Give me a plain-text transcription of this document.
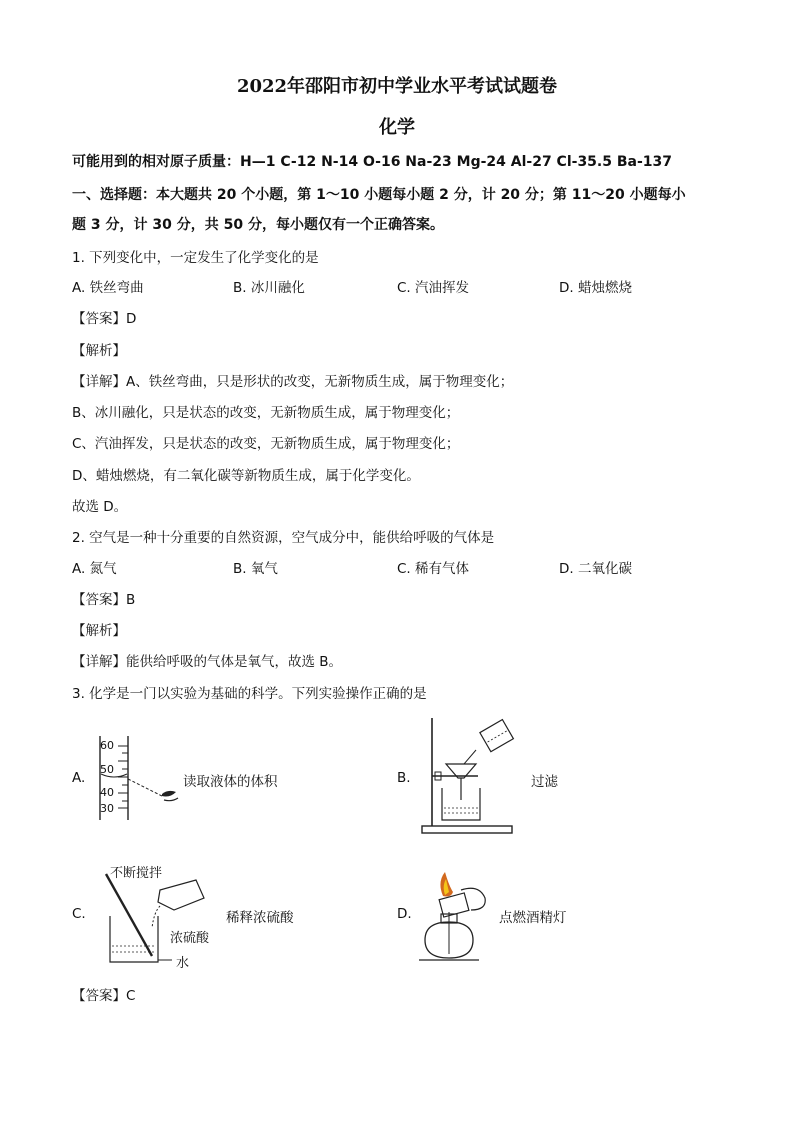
2022年邵阳市初中学业水平考试试题卷
化学
可能用到的相对原子质量：H—1 C-12 N-14 O-16 Na-23 Mg-24 Al-27 Cl-35.5 Ba-137
一、选择题：本大题共 20 个小题，第 1～10 小题每小题 2 分，计 20 分；第 11～20 小题每小
题 3 分，计 30 分，共 50 分，每小题仅有一个正确答案。
1. 下列变化中，一定发生了化学变化的是
A. 铁丝弯曲	B. 冰川融化	C. 汽油挥发	D. 蜡烛燃烧
【答案】D
【解析】
【详解】A、铁丝弯曲，只是形状的改变，无新物质生成，属于物理变化；
B、冰川融化，只是状态的改变，无新物质生成，属于物理变化；
C、汽油挥发，只是状态的改变，无新物质生成，属于物理变化；
D、蜡烛燃烧，有二氧化碳等新物质生成，属于化学变化。
故选 D。
2. 空气是一种十分重要的自然资源，空气成分中，能供给呼吸的气体是
A. 氮气	B. 氧气	C. 稀有气体	D. 二氧化碳
【答案】B
【解析】
【详解】能供给呼吸的气体是氧气，故选 B。
3. 化学是一门以实验为基础的科学。下列实验操作正确的是
A.
60
50
40
30
读取液体的体积	B.	过滤
C.
不断搅拌
浓硫酸
水
稀释浓硫酸	D.	点燃酒精灯
【答案】C
